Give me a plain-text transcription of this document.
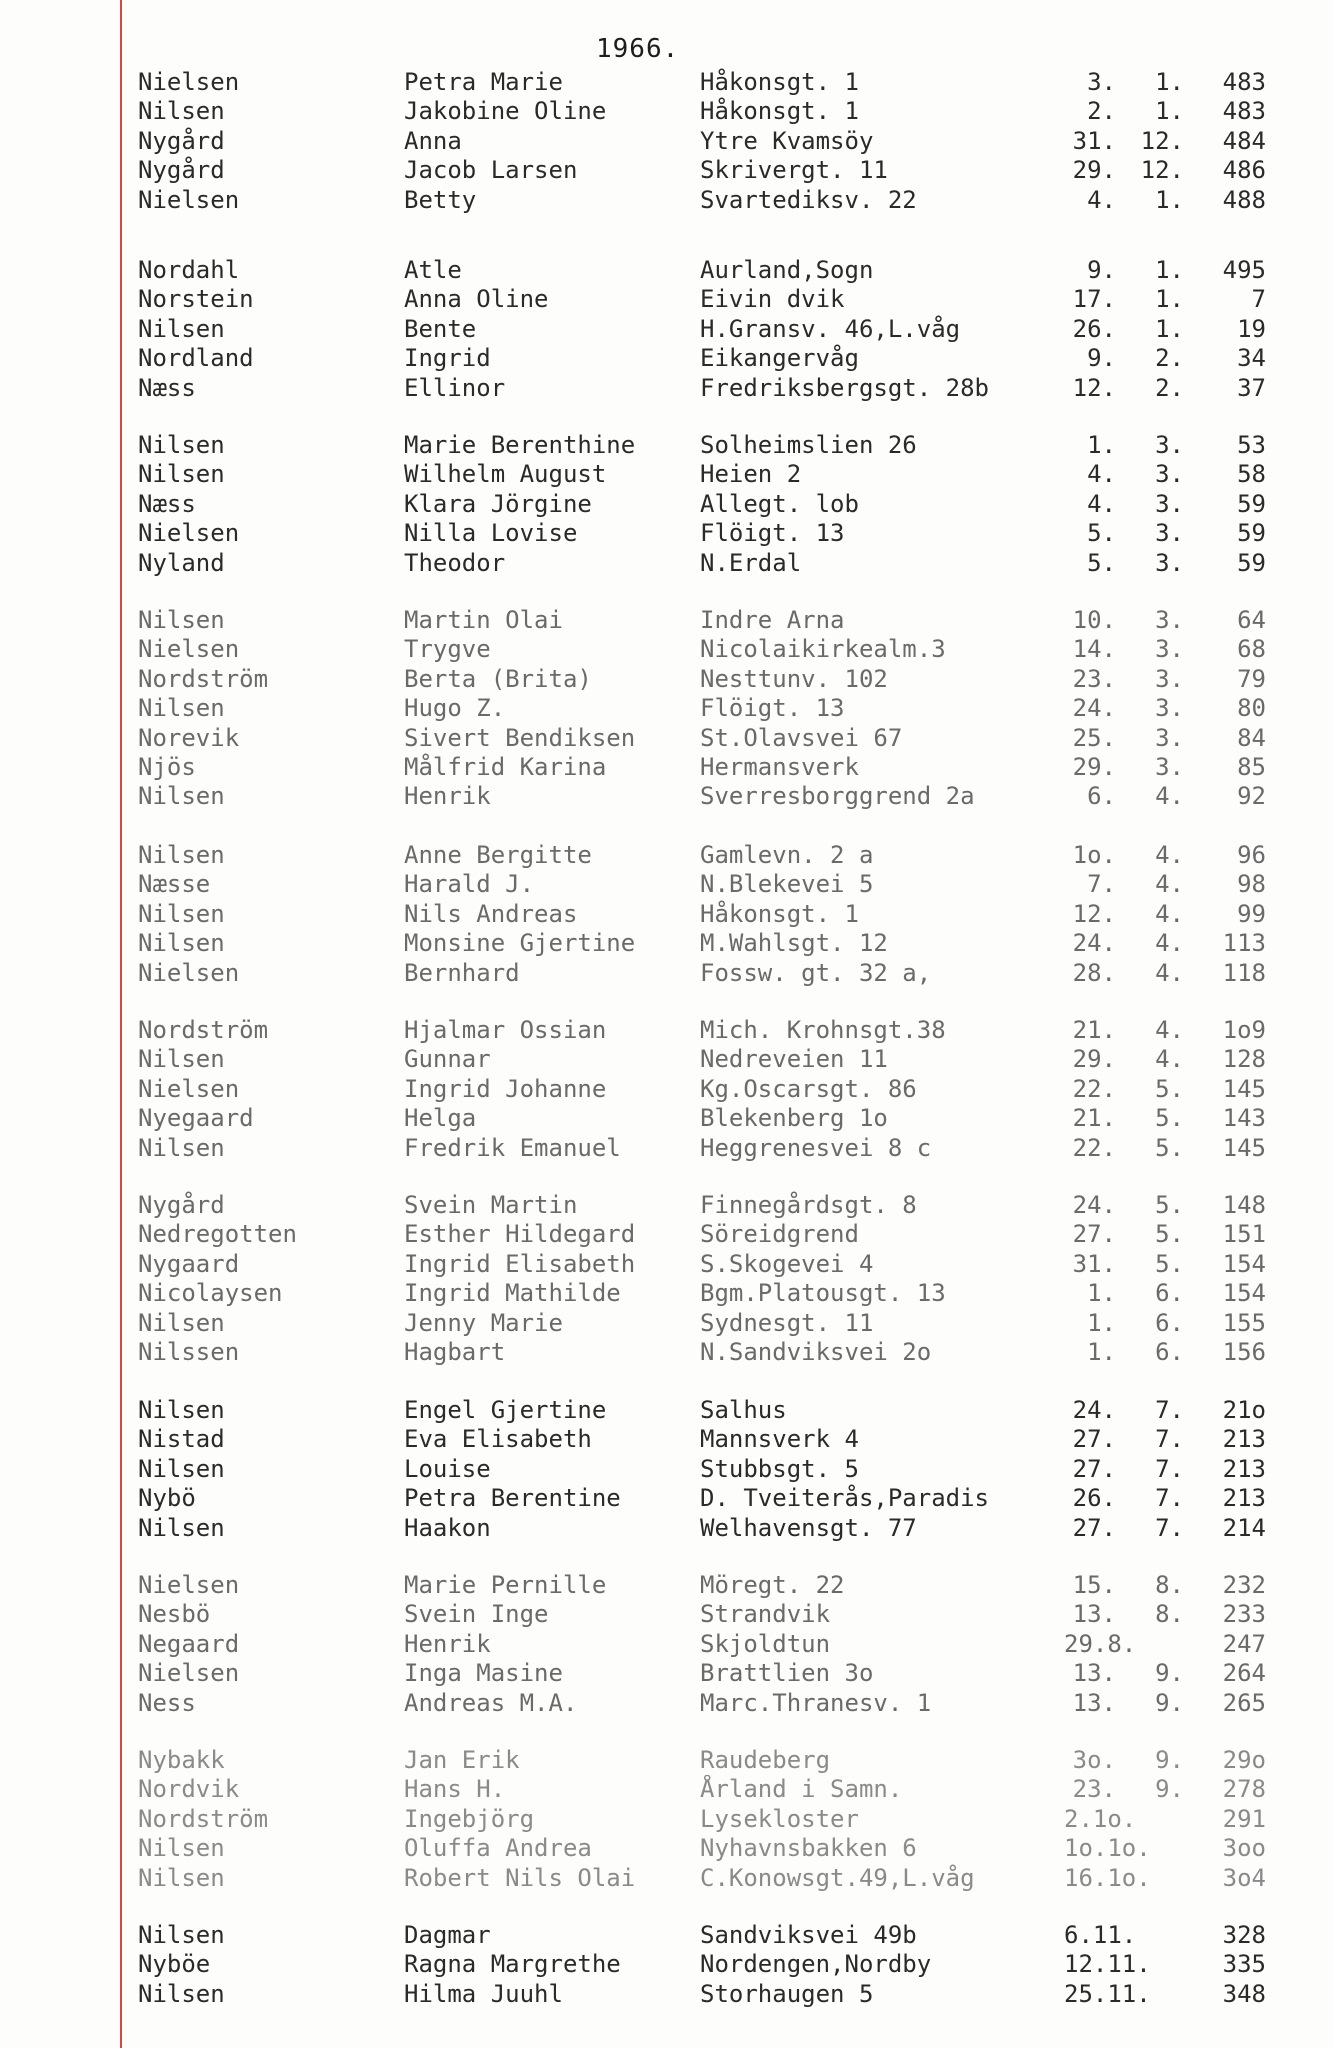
1966.
Nielsen	Petra Marie	Håkonsgt. 1	3.	1.	483
Nilsen	Jakobine Oline	Håkonsgt. 1	2.	1.	483
Nygård	Anna	Ytre Kvamsöy	31.	12.	484
Nygård	Jacob Larsen	Skrivergt. 11	29.	12.	486
Nielsen	Betty	Svartediksv. 22	4.	1.	488
Nordahl	Atle	Aurland,Sogn	9.	1.	495
Norstein	Anna Oline	Eivin dvik	17.	1.	7
Nilsen	Bente	H.Gransv. 46,L.våg	26.	1.	19
Nordland	Ingrid	Eikangervåg	9.	2.	34
Næss	Ellinor	Fredriksbergsgt. 28b	12.	2.	37
Nilsen	Marie Berenthine	Solheimslien 26	1.	3.	53
Nilsen	Wilhelm August	Heien 2	4.	3.	58
Næss	Klara Jörgine	Allegt. lob	4.	3.	59
Nielsen	Nilla Lovise	Flöigt. 13	5.	3.	59
Nyland	Theodor	N.Erdal	5.	3.	59
Nilsen	Martin Olai	Indre Arna	10.	3.	64
Nielsen	Trygve	Nicolaikirkealm.3	14.	3.	68
Nordström	Berta (Brita)	Nesttunv. 102	23.	3.	79
Nilsen	Hugo Z.	Flöigt. 13	24.	3.	80
Norevik	Sivert Bendiksen	St.Olavsvei 67	25.	3.	84
Njös	Målfrid Karina	Hermansverk	29.	3.	85
Nilsen	Henrik	Sverresborggrend 2a	6.	4.	92
Nilsen	Anne Bergitte	Gamlevn. 2 a	1o.	4.	96
Næsse	Harald J.	N.Blekevei 5	7.	4.	98
Nilsen	Nils Andreas	Håkonsgt. 1	12.	4.	99
Nilsen	Monsine Gjertine	M.Wahlsgt. 12	24.	4.	113
Nielsen	Bernhard	Fossw. gt. 32 a,	28.	4.	118
Nordström	Hjalmar Ossian	Mich. Krohnsgt.38	21.	4.	1o9
Nilsen	Gunnar	Nedreveien 11	29.	4.	128
Nielsen	Ingrid Johanne	Kg.Oscarsgt. 86	22.	5.	145
Nyegaard	Helga	Blekenberg 1o	21.	5.	143
Nilsen	Fredrik Emanuel	Heggrenesvei 8 c	22.	5.	145
Nygård	Svein Martin	Finnegårdsgt. 8	24.	5.	148
Nedregotten	Esther Hildegard	Söreidgrend	27.	5.	151
Nygaard	Ingrid Elisabeth	S.Skogevei 4	31.	5.	154
Nicolaysen	Ingrid Mathilde	Bgm.Platousgt. 13	1.	6.	154
Nilsen	Jenny Marie	Sydnesgt. 11	1.	6.	155
Nilssen	Hagbart	N.Sandviksvei 2o	1.	6.	156
Nilsen	Engel Gjertine	Salhus	24.	7.	21o
Nistad	Eva Elisabeth	Mannsverk 4	27.	7.	213
Nilsen	Louise	Stubbsgt. 5	27.	7.	213
Nybö	Petra Berentine	D. Tveiterås,Paradis	26.	7.	213
Nilsen	Haakon	Welhavensgt. 77	27.	7.	214
Nielsen	Marie Pernille	Möregt. 22	15.	8.	232
Nesbö	Svein Inge	Strandvik	13.	8.	233
Negaard	Henrik	Skjoldtun	29.8.	247
Nielsen	Inga Masine	Brattlien 3o	13.	9.	264
Ness	Andreas M.A.	Marc.Thranesv. 1	13.	9.	265
Nybakk	Jan Erik	Raudeberg	3o.	9.	29o
Nordvik	Hans H.	Årland i Samn.	23.	9.	278
Nordström	Ingebjörg	Lysekloster	2.1o.	291
Nilsen	Oluffa Andrea	Nyhavnsbakken 6	1o.1o.	3oo
Nilsen	Robert Nils Olai	C.Konowsgt.49,L.våg	16.1o.	3o4
Nilsen	Dagmar	Sandviksvei 49b	6.11.	328
Nyböe	Ragna Margrethe	Nordengen,Nordby	12.11.	335
Nilsen	Hilma Juuhl	Storhaugen 5	25.11.	348
